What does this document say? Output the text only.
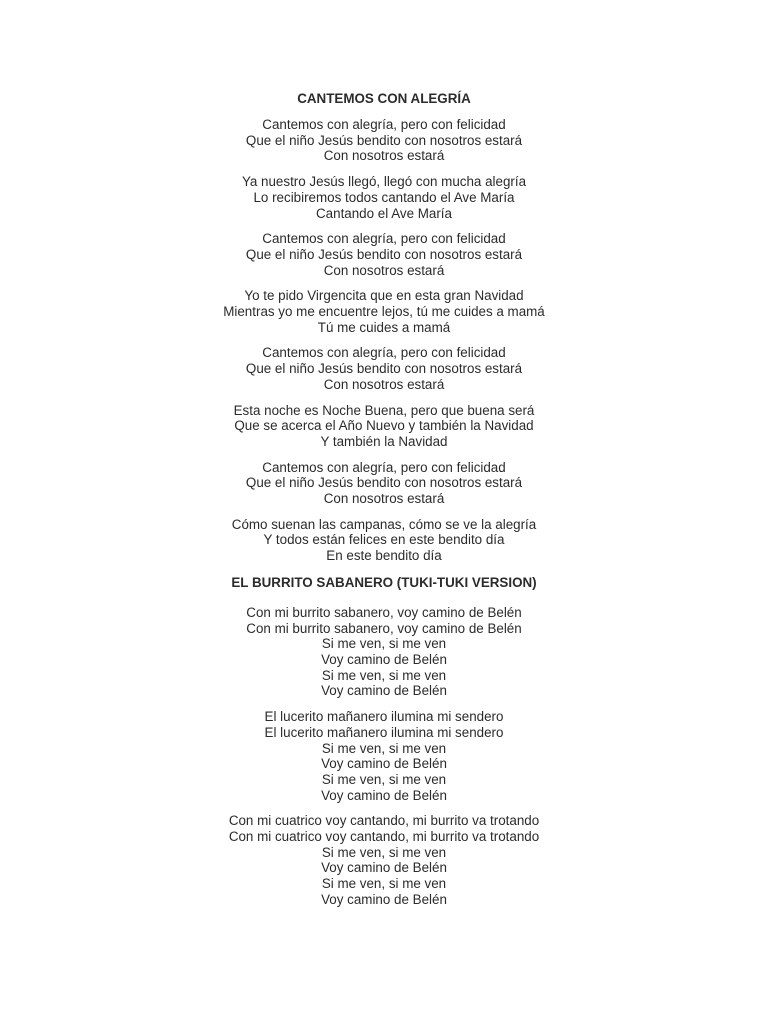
CANTEMOS CON ALEGRÍA
Cantemos con alegría, pero con felicidad
Que el niño Jesús bendito con nosotros estará
Con nosotros estará
Ya nuestro Jesús llegó, llegó con mucha alegría
Lo recibiremos todos cantando el Ave María
Cantando el Ave María
Cantemos con alegría, pero con felicidad
Que el niño Jesús bendito con nosotros estará
Con nosotros estará
Yo te pido Virgencita que en esta gran Navidad
Mientras yo me encuentre lejos, tú me cuides a mamá
Tú me cuides a mamá
Cantemos con alegría, pero con felicidad
Que el niño Jesús bendito con nosotros estará
Con nosotros estará
Esta noche es Noche Buena, pero que buena será
Que se acerca el Año Nuevo y también la Navidad
Y también la Navidad
Cantemos con alegría, pero con felicidad
Que el niño Jesús bendito con nosotros estará
Con nosotros estará
Cómo suenan las campanas, cómo se ve la alegría
Y todos están felices en este bendito día
En este bendito día
EL BURRITO SABANERO (TUKI-TUKI VERSION)
Con mi burrito sabanero, voy camino de Belén
Con mi burrito sabanero, voy camino de Belén
Si me ven, si me ven
Voy camino de Belén
Si me ven, si me ven
Voy camino de Belén
El lucerito mañanero ilumina mi sendero
El lucerito mañanero ilumina mi sendero
Si me ven, si me ven
Voy camino de Belén
Si me ven, si me ven
Voy camino de Belén
Con mi cuatrico voy cantando, mi burrito va trotando
Con mi cuatrico voy cantando, mi burrito va trotando
Si me ven, si me ven
Voy camino de Belén
Si me ven, si me ven
Voy camino de Belén
